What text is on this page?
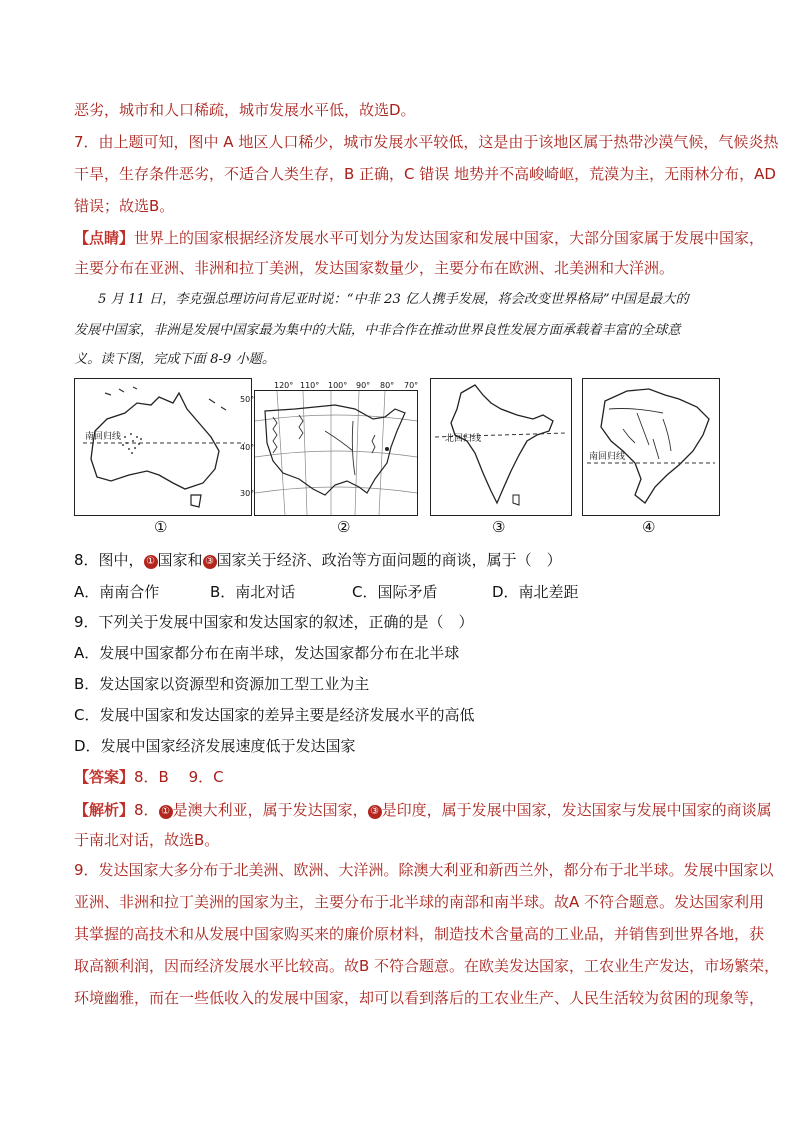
恶劣，城市和人口稀疏，城市发展水平低，故选D。
7．由上题可知，图中 A 地区人口稀少，城市发展水平较低，这是由于该地区属于热带沙漠气候，气候炎热
干旱，生存条件恶劣，不适合人类生存，B 正确，C 错误 地势并不高峻崎岖，荒漠为主，无雨林分布，AD
错误；故选B。
【点睛】世界上的国家根据经济发展水平可划分为发达国家和发展中国家，大部分国家属于发展中国家，
主要分布在亚洲、非洲和拉丁美洲，发达国家数量少，主要分布在欧洲、北美洲和大洋洲。
5 月 11 日，李克强总理访问肯尼亚时说：“中非 23 亿人携手发展，将会改变世界格局”中国是最大的
发展中国家，非洲是发展中国家最为集中的大陆，中非合作在推动世界良性发展方面承载着丰富的全球意
义。读下图，完成下面 8-9 小题。
南回归线
①	②
120° 110° 100° 90° 80° 70°
50°
40°
30°
北回归线
③
南回归线
④
8．图中， ① 国家和 ③ 国家关于经济、政治等方面问题的商谈，属于（　）
A．南南合作	B．南北对话	C．国际矛盾	D．南北差距
9．下列关于发展中国家和发达国家的叙述，正确的是（　）
A．发展中国家都分布在南半球，发达国家都分布在北半球
B．发达国家以资源型和资源加工型工业为主
C．发展中国家和发达国家的差异主要是经济发展水平的高低
D．发展中国家经济发展速度低于发达国家
【答案】8．B　 9．C
【解析】8． ① 是澳大利亚，属于发达国家， ③ 是印度，属于发展中国家，发达国家与发展中国家的商谈属
于南北对话，故选B。
9．发达国家大多分布于北美洲、欧洲、大洋洲。除澳大利亚和新西兰外，都分布于北半球。发展中国家以
亚洲、非洲和拉丁美洲的国家为主，主要分布于北半球的南部和南半球。故A 不符合题意。发达国家利用
其掌握的高技术和从发展中国家购买来的廉价原材料，制造技术含量高的工业品，并销售到世界各地，获
取高额利润，因而经济发展水平比较高。故B 不符合题意。在欧美发达国家，工农业生产发达，市场繁荣，
环境幽雅，而在一些低收入的发展中国家，却可以看到落后的工农业生产、人民生活较为贫困的现象等，
